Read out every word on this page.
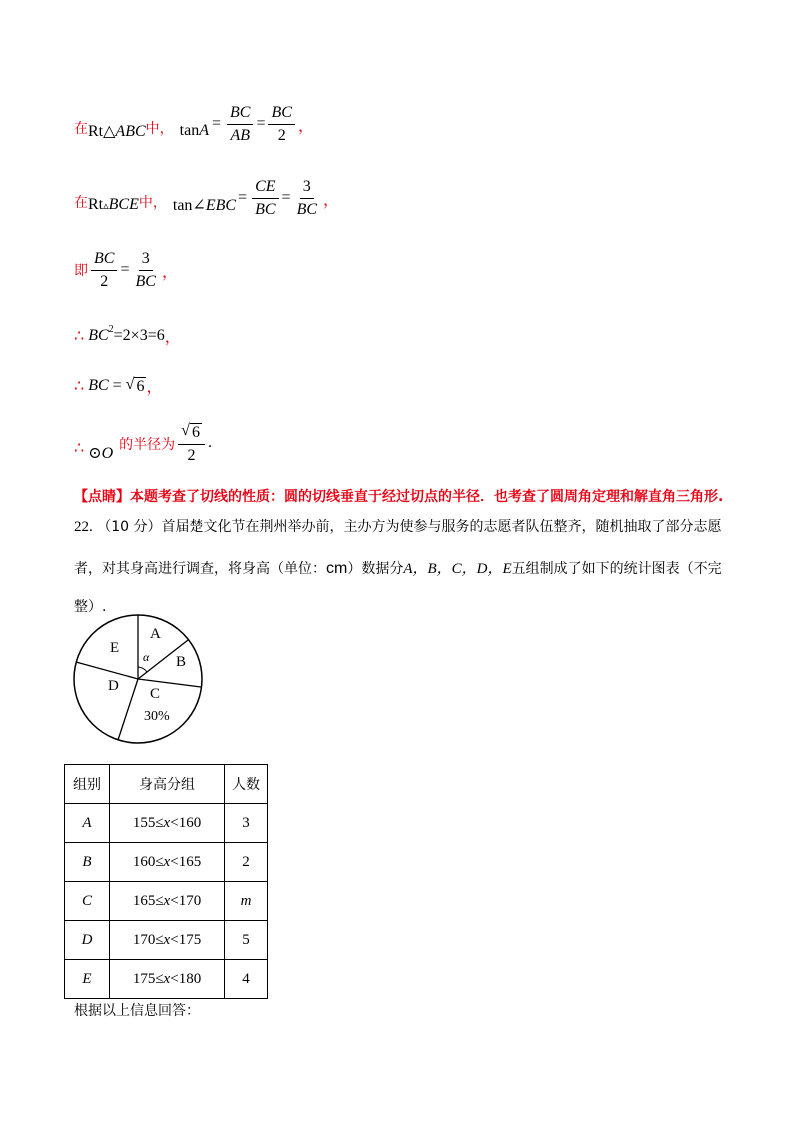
在 Rt△ABC 中， $\tan A = \frac{BC}{AB} = \frac{BC}{2}$ ，
在 Rt▵BCE 中， tan∠EBC = $\frac{CE}{BC} = \frac{3}{BC}$ ，
即 $\frac{BC}{2} = \frac{3}{BC}$ ，
∴ $BC^2 =2\times 3=6$ ，
∴ BC = √ 6 ，
∴ ⊙O 的半径为 $\frac{√ 6}{2}$ .
【点睛】本题考查了切线的性质：圆的切线垂直于经过切点的半径．也考查了圆周角定理和解直角三角形.
22. （10 分）首届楚文化节在荆州举办前，主办方为使参与服务的志愿者队伍整齐，随机抽取了部分志愿
者，对其身高进行调查，将身高（单位：cm）数据分A，B，C，D，E五组制成了如下的统计图表（不完
整）.
A
α B
C
30%
D
E
组别	身高分组	人数
A	155≤x<160	3
B	160≤x<165	2
C	165≤x<170	m
D	170≤x<175	5
E	175≤x<180	4
根据以上信息回答：
